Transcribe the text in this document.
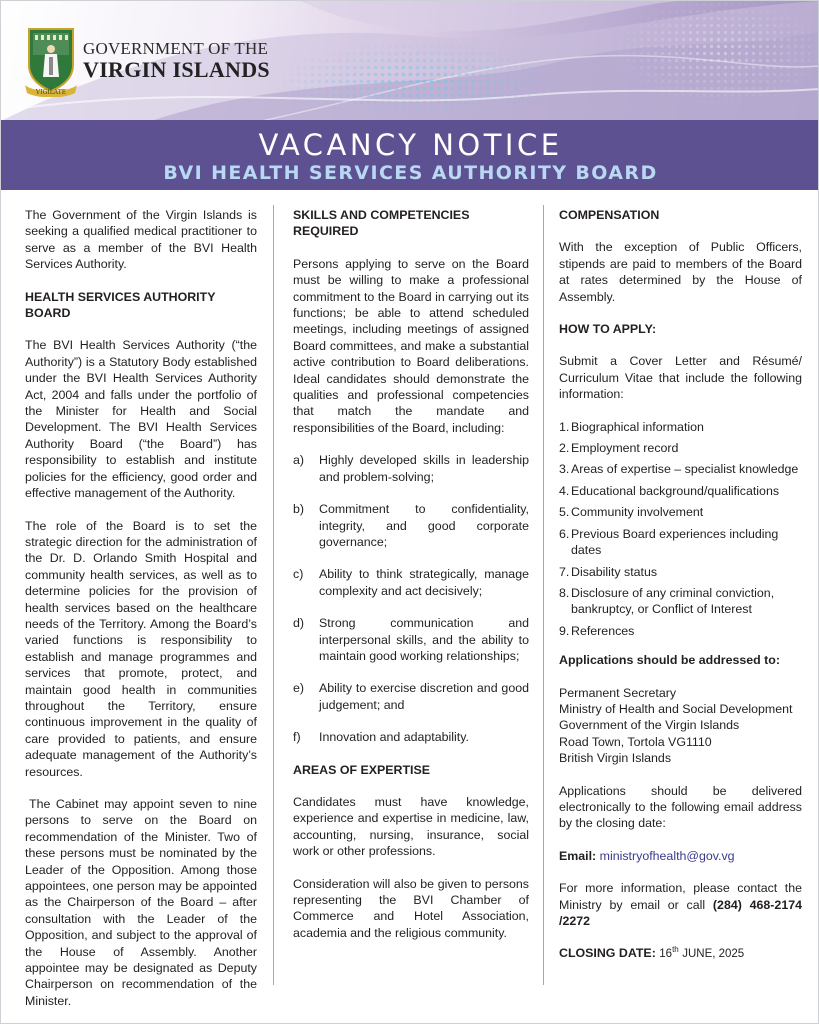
VIGILATE
GOVERNMENT OF THE
VIRGIN ISLANDS
VACANCY NOTICE
BVI HEALTH SERVICES AUTHORITY BOARD

The Government of the Virgin Islands is seeking a qualified medical practitioner to serve as a member of the BVI Health Services Authority.

HEALTH SERVICES AUTHORITY BOARD

The BVI Health Services Authority (“the Authority”) is a Statutory Body established under the BVI Health Services Authority Act, 2004 and falls under the portfolio of the Minister for Health and Social Development. The BVI Health Services Authority Board (“the Board”) has responsibility to establish and institute policies for the efficiency, good order and effective management of the Authority.

The role of the Board is to set the strategic direction for the administration of the Dr. D. Orlando Smith Hospital and community health services, as well as to determine policies for the provision of health services based on the healthcare needs of the Territory. Among the Board’s varied functions is responsibility to establish and manage programmes and services that promote, protect, and maintain good health in communities throughout the Territory, ensure continuous improvement in the quality of care provided to patients, and ensure adequate management of the Authority’s resources.

The Cabinet may appoint seven to nine persons to serve on the Board on recommendation of the Minister. Two of these persons must be nominated by the Leader of the Opposition. Among those appointees, one person may be appointed as the Chairperson of the Board – after consultation with the Leader of the Opposition, and subject to the approval of the House of Assembly. Another appointee may be designated as Deputy Chairperson on recommendation of the Minister.

SKILLS AND COMPETENCIES REQUIRED

Persons applying to serve on the Board must be willing to make a professional commitment to the Board in carrying out its functions; be able to attend scheduled meetings, including meetings of assigned Board committees, and make a substantial active contribution to Board deliberations. Ideal candidates should demonstrate the qualities and professional competencies that match the mandate and responsibilities of the Board, including:

a) Highly developed skills in leadership and problem-solving;
b) Commitment to confidentiality, integrity, and good corporate governance;
c) Ability to think strategically, manage complexity and act decisively;
d) Strong communication and interpersonal skills, and the ability to maintain good working relationships;
e) Ability to exercise discretion and good judgement; and
f) Innovation and adaptability.
AREAS OF EXPERTISE

Candidates must have knowledge, experience and expertise in medicine, law, accounting, nursing, insurance, social work or other professions.

Consideration will also be given to persons representing the BVI Chamber of Commerce and Hotel Association, academia and the religious community.

COMPENSATION

With the exception of Public Officers, stipends are paid to members of the Board at rates determined by the House of Assembly.

HOW TO APPLY:

Submit a Cover Letter and Résumé/ Curriculum Vitae that include the following information:

1. Biographical information
2. Employment record
3. Areas of expertise – specialist knowledge
4. Educational background/qualifications
5. Community involvement
6. Previous Board experiences including dates
7. Disability status
8. Disclosure of any criminal conviction, bankruptcy, or Conflict of Interest
9. References
Applications should be addressed to:

Permanent Secretary

Ministry of Health and Social Development

Government of the Virgin Islands

Road Town, Tortola VG1110

British Virgin Islands

Applications should be delivered electronically to the following email address by the closing date:

Email: ministryofhealth@gov.vg

For more information, please contact the Ministry by email or call (284) 468-2174 /2272

CLOSING DATE: 16th JUNE, 2025
